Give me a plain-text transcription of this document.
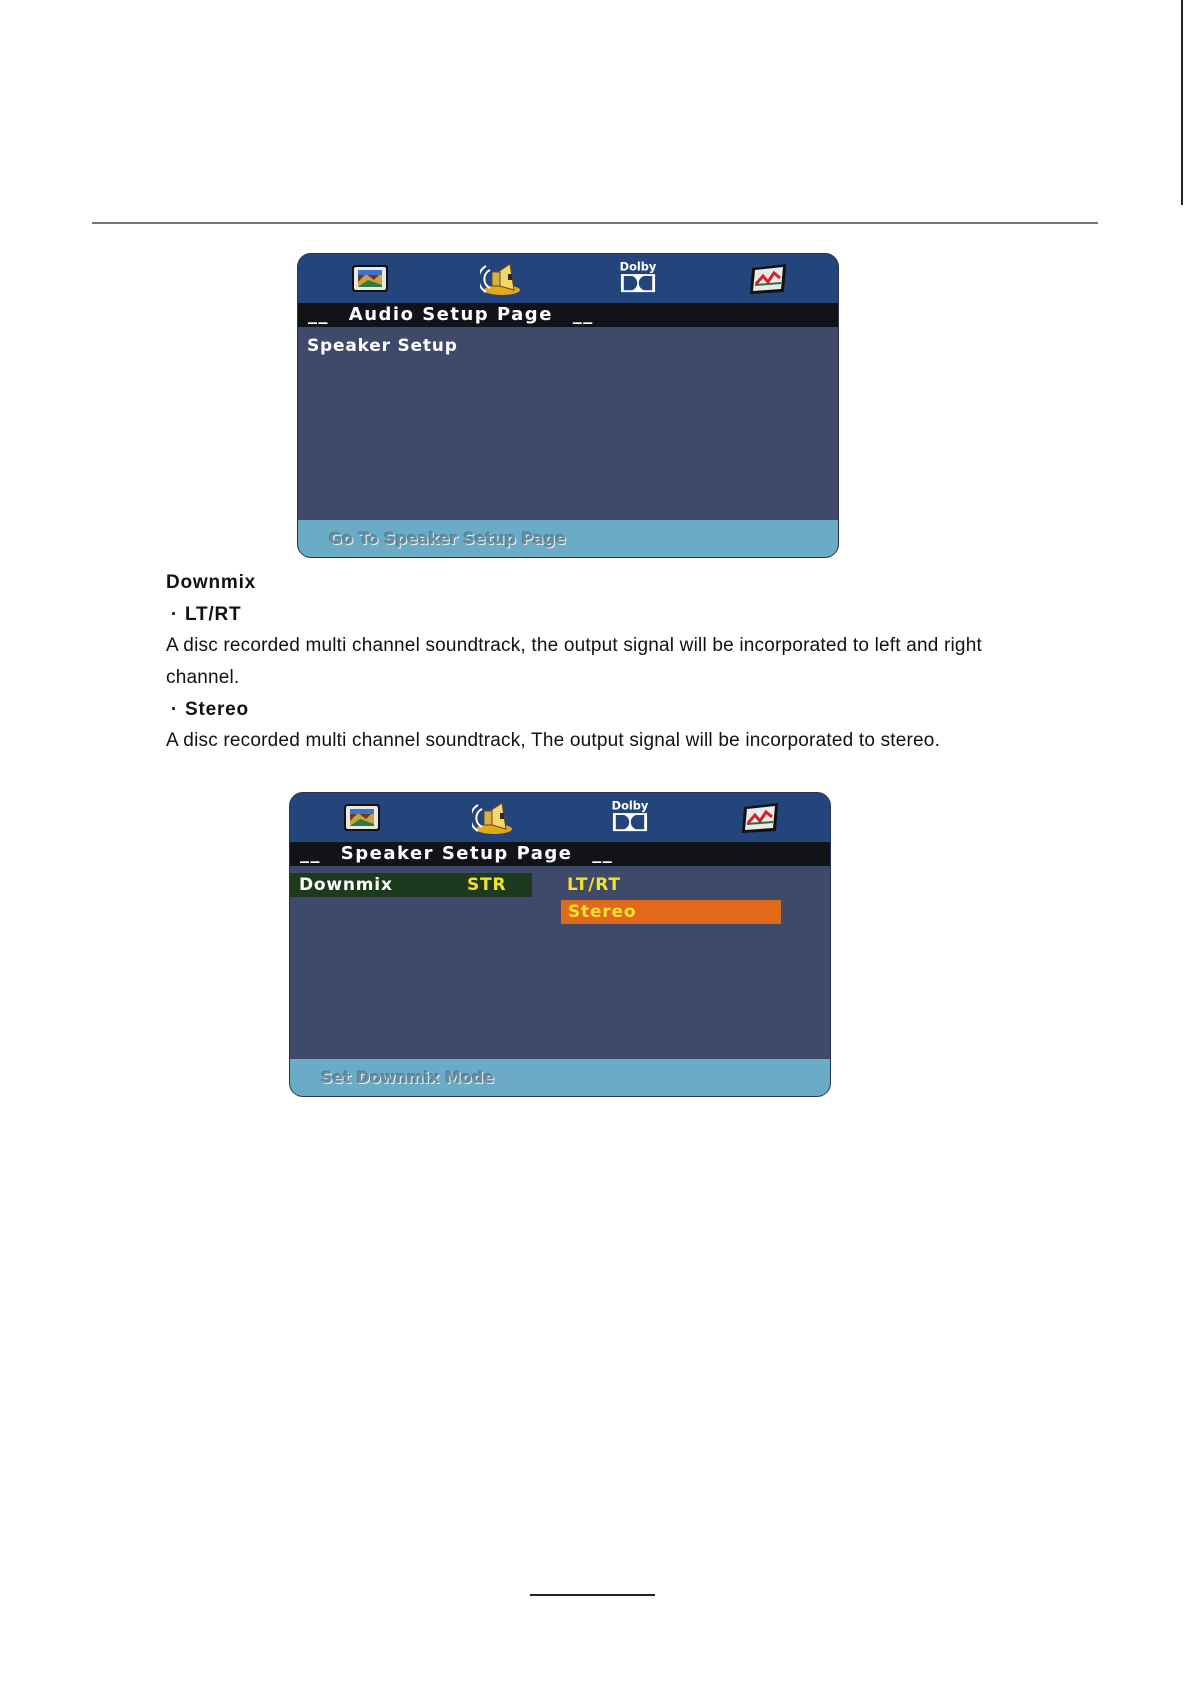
Dolby
__ Audio Setup Page __
Speaker Setup
Go To Speaker Setup Page
Downmix
· LT/RT
A disc recorded multi channel soundtrack, the output signal will be incorporated to left and right
channel.
· Stereo
A disc recorded multi channel soundtrack, The output signal will be incorporated to stereo.
Dolby
__ Speaker Setup Page __
Downmix	STR	LT/RT
Stereo
Set Downmix Mode
